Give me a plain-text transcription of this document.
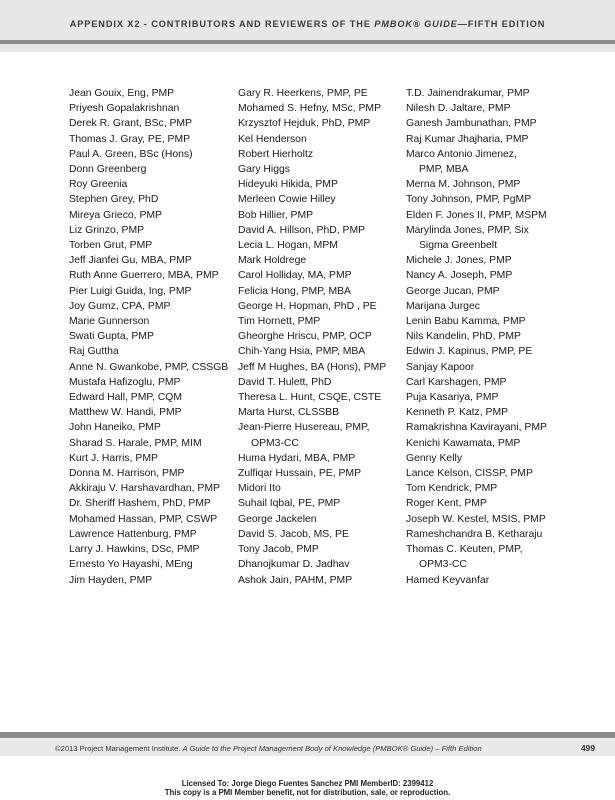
APPENDIX X2 - CONTRIBUTORS AND REVIEWERS OF THE PMBOK® GUIDE—FIFTH EDITION
Jean Gouix, Eng, PMP
Priyesh Gopalakrishnan
Derek R. Grant, BSc, PMP
Thomas J. Gray, PE, PMP
Paul A. Green, BSc (Hons)
Donn Greenberg
Roy Greenia
Stephen Grey, PhD
Mireya Grieco, PMP
Liz Grinzo, PMP
Torben Grut, PMP
Jeff Jianfei Gu, MBA, PMP
Ruth Anne Guerrero, MBA, PMP
Pier Luigi Guida, Ing, PMP
Joy Gumz, CPA, PMP
Marie Gunnerson
Swati Gupta, PMP
Raj Guttha
Anne N. Gwankobe, PMP, CSSGB
Mustafa Hafizoglu, PMP
Edward Hall, PMP, CQM
Matthew W. Handi, PMP
John Haneiko, PMP
Sharad S. Harale, PMP, MIM
Kurt J. Harris, PMP
Donna M. Harrison, PMP
Akkiraju V. Harshavardhan, PMP
Dr. Sheriff Hashem, PhD, PMP
Mohamed Hassan, PMP, CSWP
Lawrence Hattenburg, PMP
Larry J. Hawkins, DSc, PMP
Ernesto Yo Hayashi, MEng
Jim Hayden, PMP
Gary R. Heerkens, PMP, PE
Mohamed S. Hefny, MSc, PMP
Krzysztof Hejduk, PhD, PMP
Kel Henderson
Robert Hierholtz
Gary Higgs
Hideyuki Hikida, PMP
Merleen Cowie Hilley
Bob Hillier, PMP
David A. Hillson, PhD, PMP
Lecia L. Hogan, MPM
Mark Holdrege
Carol Holliday, MA, PMP
Felicia Hong, PMP, MBA
George H. Hopman, PhD , PE
Tim Hornett, PMP
Gheorghe Hriscu, PMP, OCP
Chih-Yang Hsia, PMP, MBA
Jeff M Hughes, BA (Hons), PMP
David T. Hulett, PhD
Theresa L. Hunt, CSQE, CSTE
Marta Hurst, CLSSBB
Jean-Pierre Husereau, PMP,
OPM3-CC
Huma Hydari, MBA, PMP
Zulfiqar Hussain, PE, PMP
Midori Ito
Suhail Iqbal, PE, PMP
George Jackelen
David S. Jacob, MS, PE
Tony Jacob, PMP
Dhanojkumar D. Jadhav
Ashok Jain, PAHM, PMP
T.D. Jainendrakumar, PMP
Nilesh D. Jaltare, PMP
Ganesh Jambunathan, PMP
Raj Kumar Jhajharia, PMP
Marco Antonio Jimenez,
PMP, MBA
Merna M. Johnson, PMP
Tony Johnson, PMP, PgMP
Elden F. Jones II, PMP, MSPM
Marylinda Jones, PMP, Six
Sigma Greenbelt
Michele J. Jones, PMP
Nancy A. Joseph, PMP
George Jucan, PMP
Marijana Jurgec
Lenin Babu Kamma, PMP
Nils Kandelin, PhD, PMP
Edwin J. Kapinus, PMP, PE
Sanjay Kapoor
Carl Karshagen, PMP
Puja Kasariya, PMP
Kenneth P. Katz, PMP
Ramakrishna Kavirayani, PMP
Kenichi Kawamata, PMP
Genny Kelly
Lance Kelson, CISSP, PMP
Tom Kendrick, PMP
Roger Kent, PMP
Joseph W. Kestel, MSIS, PMP
Rameshchandra B. Ketharaju
Thomas C. Keuten, PMP,
OPM3-CC
Hamed Keyvanfar
©2013 Project Management Institute. A Guide to the Project Management Body of Knowledge (PMBOK® Guide) – Fifth Edition	499
Licensed To: Jorge Diego Fuentes Sanchez PMI MemberID: 2399412
This copy is a PMI Member benefit, not for distribution, sale, or reproduction.
